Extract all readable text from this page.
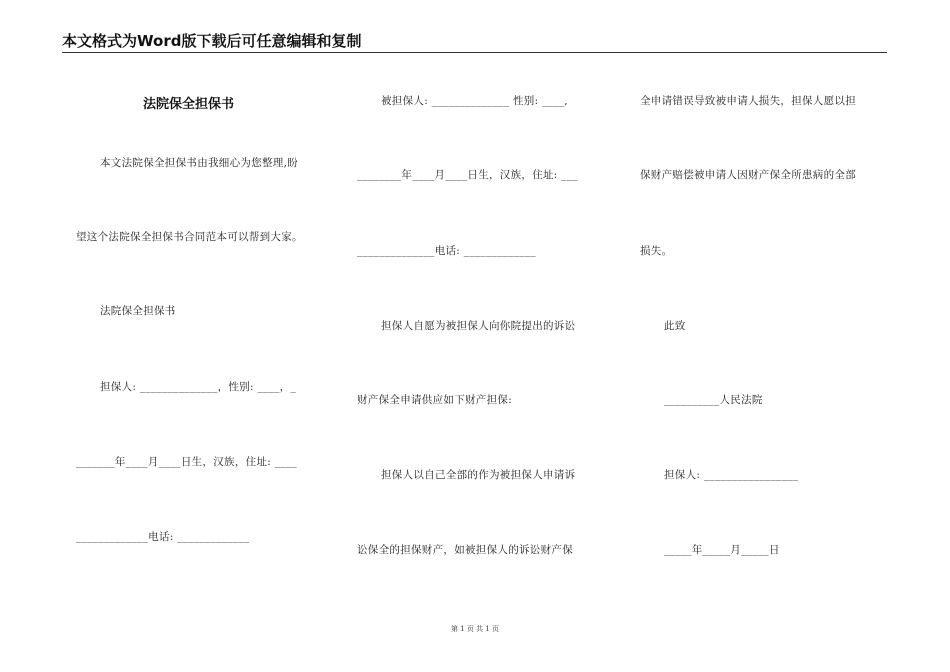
本文格式为Word版下载后可任意编辑和复制
法院保全担保书
本文法院保全担保书由我细心为您整理,盼
望这个法院保全担保书合同范本可以帮到大家。
法院保全担保书
担保人: ______________，性别: ____，_
_______年____月____日生，汉族，住址: ____
_____________电话: _____________
被担保人: ______________ 性别: ____,
________年____月____日生，汉族，住址: ___
______________电话: _____________
担保人自愿为被担保人向你院提出的诉讼
财产保全申请供应如下财产担保:
担保人以自己全部的作为被担保人申请诉
讼保全的担保财产，如被担保人的诉讼财产保
全申请错误导致被申请人损失，担保人愿以担
保财产赔偿被申请人因财产保全所患病的全部
损失。
此致
__________人民法院
担保人: _________________
_____年_____月_____日
第 1 页 共 1 页
